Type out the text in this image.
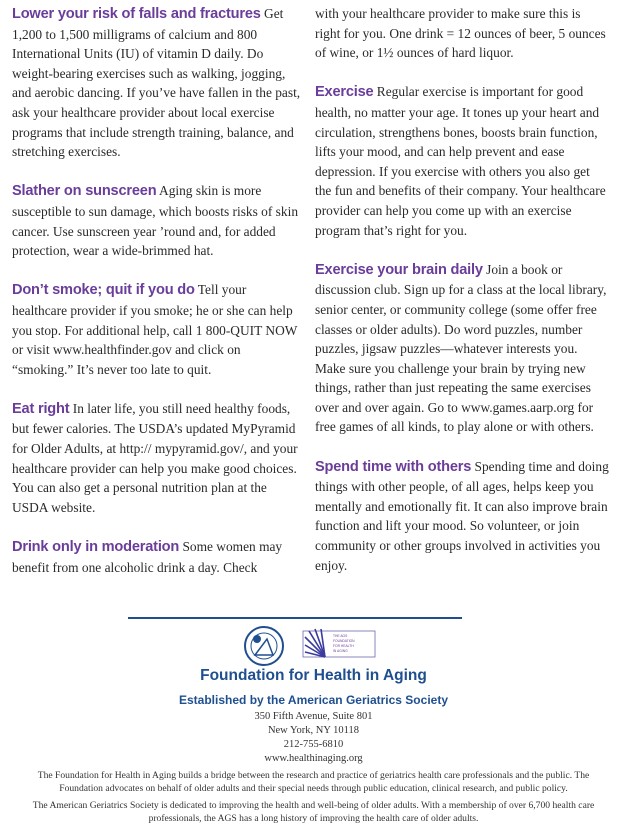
Lower your risk of falls and fractures Get 1,200 to 1,500 milligrams of calcium and 800 International Units (IU) of vitamin D daily. Do weight-bearing exercises such as walking, jogging, and aerobic dancing. If you’ve have fallen in the past, ask your healthcare provider about local exercise programs that include strength training, balance, and stretching exercises.

Slather on sunscreen Aging skin is more susceptible to sun damage, which boosts risks of skin cancer. Use sunscreen year ’round and, for added protection, wear a wide-brimmed hat.

Don’t smoke; quit if you do Tell your healthcare provider if you smoke; he or she can help you stop. For additional help, call 1 800-QUIT NOW or visit www.healthfinder.gov and click on “smoking.” It’s never too late to quit.

Eat right In later life, you still need healthy foods, but fewer calories. The USDA’s updated MyPyramid for Older Adults, at http:// mypyramid.gov/, and your healthcare provider can help you make good choices. You can also get a personal nutrition plan at the USDA website.

Drink only in moderation Some women may benefit from one alcoholic drink a day. Check

with your healthcare provider to make sure this is right for you. One drink = 12 ounces of beer, 5 ounces of wine, or 1½ ounces of hard liquor.

Exercise Regular exercise is important for good health, no matter your age. It tones up your heart and circulation, strengthens bones, boosts brain function, lifts your mood, and can help prevent and ease depression. If you exercise with others you also get the fun and benefits of their company. Your healthcare provider can help you come up with an exercise program that’s right for you.

Exercise your brain daily Join a book or discussion club. Sign up for a class at the local library, senior center, or community college (some offer free classes or older adults). Do word puzzles, number puzzles, jigsaw puzzles—whatever interests you. Make sure you challenge your brain by trying new things, rather than just repeating the same exercises over and over again. Go to www.games.aarp.org for free games of all kinds, to play alone or with others.

Spend time with others Spending time and doing things with other people, of all ages, helps keep you mentally and emotionally fit. It can also improve brain function and lift your mood. So volunteer, or join community or other groups involved in activities you enjoy.

THE AGS
FOUNDATION
FOR HEALTH
IN AGING
Foundation for Health in Aging
Established by the American Geriatrics Society
350 Fifth Avenue, Suite 801
New York, NY 10118
212-755-6810
www.healthinaging.org
The Foundation for Health in Aging builds a bridge between the research and practice of geriatrics health care professionals and the public. The Foundation advocates on behalf of older adults and their special needs through public education, clinical research, and public policy.
The American Geriatrics Society is dedicated to improving the health and well-being of older adults. With a membership of over 6,700 health care professionals, the AGS has a long history of improving the health care of older adults.
